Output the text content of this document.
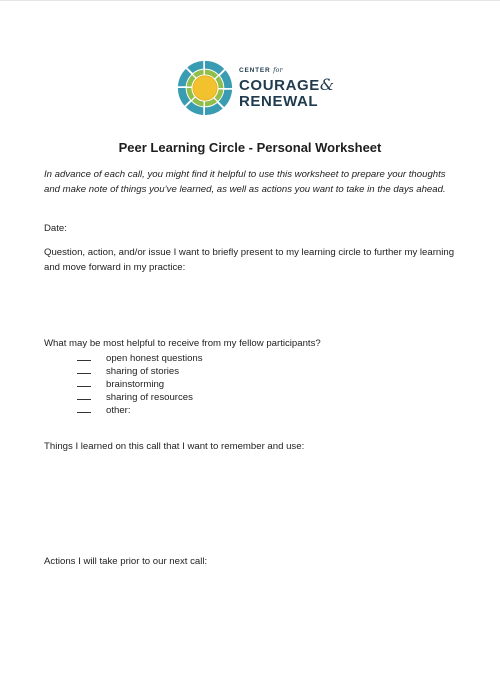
CENTER for
COURAGE&
RENEWAL
Peer Learning Circle - Personal Worksheet
In advance of each call, you might find it helpful to use this worksheet to prepare your thoughts and make note of things you’ve learned, as well as actions you want to take in the days ahead.
Date:
Question, action, and/or issue I want to briefly present to my learning circle to further my learning and move forward in my practice:
What may be most helpful to receive from my fellow participants?
open honest questions
sharing of stories
brainstorming
sharing of resources
other:
Things I learned on this call that I want to remember and use:
Actions I will take prior to our next call:
